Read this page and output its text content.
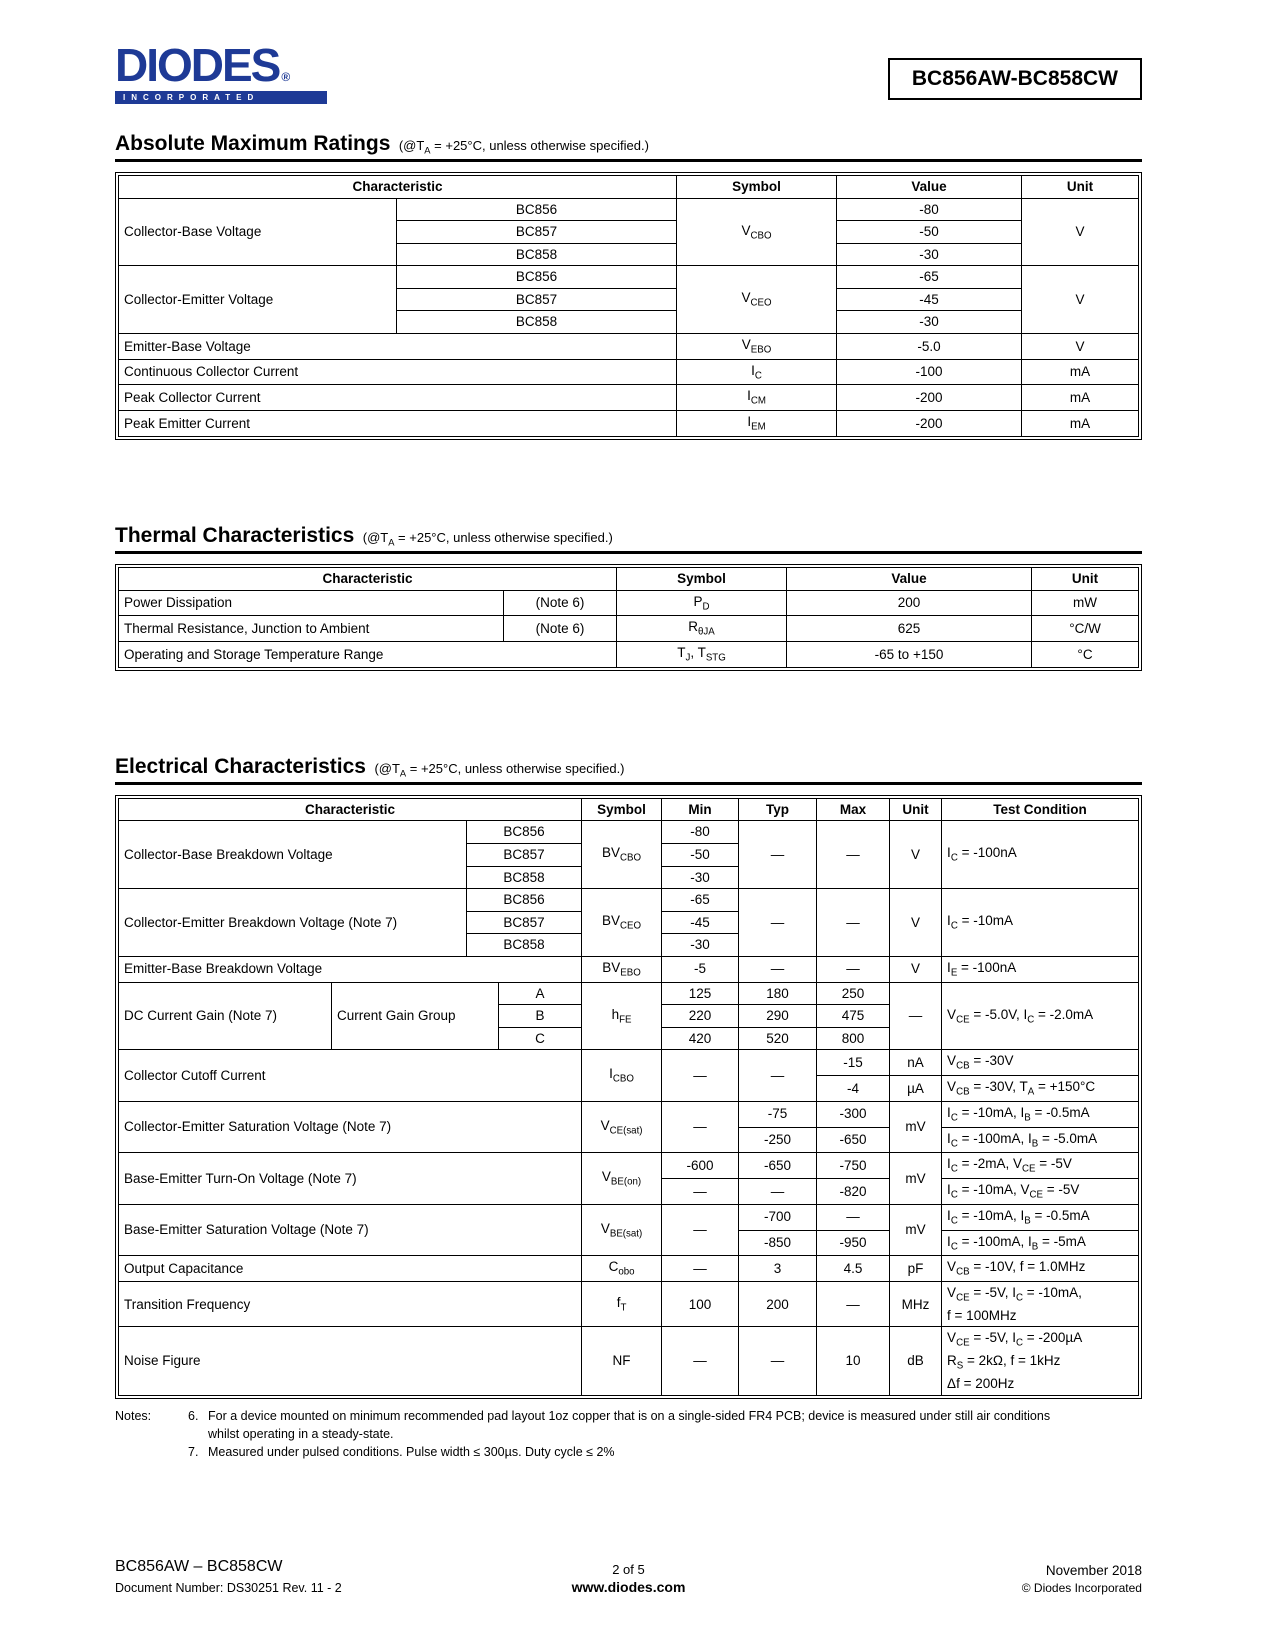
DIODES ®
INCORPORATED
BC856AW-BC858CW
Absolute Maximum Ratings ($@T_A = +25^\circ C$, unless otherwise specified.)
Characteristic		Symbol	Value	Unit
Collector-Base Voltage	BC856	$V_{CBO}$	-80	V
	BC857		-50	
	BC858		-30	
Collector-Emitter Voltage	BC856	$V_{CEO}$	-65	V
	BC857		-45	
	BC858		-30	
Emitter-Base Voltage		$V_{EBO}$	-5.0	V
Continuous Collector Current		$I_C$	-100	mA
Peak Collector Current		$I_{CM}$	-200	mA
Peak Emitter Current		$I_{EM}$	-200	mA
Thermal Characteristics ($@T_A = +25^\circ C$, unless otherwise specified.)
Characteristic		Symbol	Value	Unit
Power Dissipation	(Note 6)	$P_D$	200	mW
Thermal Resistance, Junction to Ambient	(Note 6)	$R_{\theta JA}$	625	°C/W
Operating and Storage Temperature Range		$T_J$, $T_{STG}$	-65 to +150	°C
Electrical Characteristics ($@T_A = +25^\circ C$, unless otherwise specified.)
Characteristic				Symbol	Min	Typ	Max	Unit	Test Condition
Collector-Base Breakdown Voltage		BC856		$BV_{CBO}$	-80	—	—	V	$I_C = -100nA$
		BC857			-50				
		BC858			-30				
Collector-Emitter Breakdown Voltage (Note 7)		BC856		$BV_{CEO}$	-65	—	—	V	$I_C = -10mA$
		BC857			-45				
		BC858			-30				
Emitter-Base Breakdown Voltage				$BV_{EBO}$	-5	—	—	V	$I_E = -100nA$
DC Current Gain (Note 7)	Current Gain Group		A	$h_{FE}$	125	180	250	—	$V_{CE} = -5.0V$, $I_C = -2.0mA$
			B		220	290	475		
			C		420	520	800		
Collector Cutoff Current				$I_{CBO}$	—	—	-15	nA	$V_{CB} = -30V$
							-4	µA	$V_{CB} = -30V$, $T_A = +150^\circ C$
Collector-Emitter Saturation Voltage (Note 7)				$V_{CE(sat)}$	—	-75	-300	mV	$I_C = -10mA$, $I_B = -0.5mA$
						-250	-650		$I_C = -100mA$, $I_B = -5.0mA$
Base-Emitter Turn-On Voltage (Note 7)				$V_{BE(on)}$	-600	-650	-750	mV	$I_C = -2mA$, $V_{CE} = -5V$
					—	—	-820		$I_C = -10mA$, $V_{CE} = -5V$
Base-Emitter Saturation Voltage (Note 7)				$V_{BE(sat)}$	—	-700	—	mV	$I_C = -10mA$, $I_B = -0.5mA$
						-850	-950		$I_C = -100mA$, $I_B = -5mA$
Output Capacitance				$C_{obo}$	—	3	4.5	pF	$V_{CB} = -10V$, f = 1.0MHz
Transition Frequency				$f_T$	100	200	—	MHz	$V_{CE} = -5V$, $I_C = -10mA$,
f = 100MHz
Noise Figure				NF	—	—	10	dB	$V_{CE} = -5V$, $I_C = -200\mu A$
$R_S = 2k\Omega$, f = 1kHz
Δf = 200Hz
Notes:	6. For a device mounted on minimum recommended pad layout 1oz copper that is on a single-sided FR4 PCB; device is measured under still air conditions whilst operating in a steady-state.
7. Measured under pulsed conditions. Pulse width ≤ 300µs. Duty cycle ≤ 2%
BC856AW – BC858CW
Document Number: DS30251 Rev. 11 - 2
2 of 5
www.diodes.com
November 2018
© Diodes Incorporated
